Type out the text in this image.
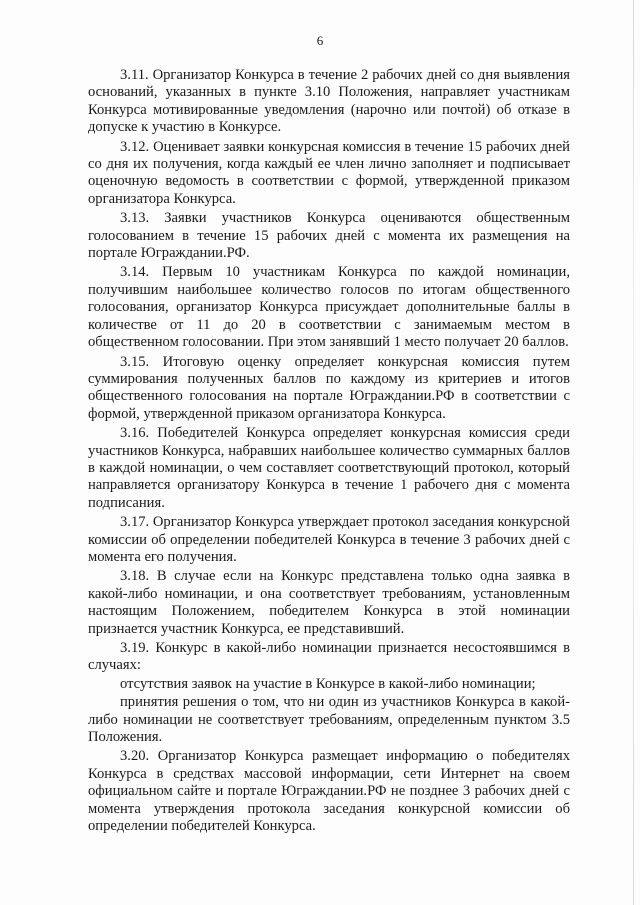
6

3.11. Организатор Конкурса в течение 2 рабочих дней со дня выявления оснований, указанных в пункте 3.10 Положения, направляет участникам Конкурса мотивированные уведомления (нарочно или почтой) об отказе в допуске к участию в Конкурсе.

3.12. Оценивает заявки конкурсная комиссия в течение 15 рабочих дней со дня их получения, когда каждый ее член лично заполняет и подписывает оценочную ведомость в соответствии с формой, утвержденной приказом организатора Конкурса.

3.13. Заявки участников Конкурса оцениваются общественным голосованием в течение 15 рабочих дней с момента их размещения на портале Юграждании.РФ.

3.14. Первым 10 участникам Конкурса по каждой номинации, получившим наибольшее количество голосов по итогам общественного голосования, организатор Конкурса присуждает дополнительные баллы в количестве от 11 до 20 в соответствии с занимаемым местом в общественном голосовании. При этом занявший 1 место получает 20 баллов.

3.15. Итоговую оценку определяет конкурсная комиссия путем суммирования полученных баллов по каждому из критериев и итогов общественного голосования на портале Юграждании.РФ в соответствии с формой, утвержденной приказом организатора Конкурса.

3.16. Победителей Конкурса определяет конкурсная комиссия среди участников Конкурса, набравших наибольшее количество суммарных баллов в каждой номинации, о чем составляет соответствующий протокол, который направляется организатору Конкурса в течение 1 рабочего дня с момента подписания.

3.17. Организатор Конкурса утверждает протокол заседания конкурсной комиссии об определении победителей Конкурса в течение 3 рабочих дней с момента его получения.

3.18. В случае если на Конкурс представлена только одна заявка в какой-либо номинации, и она соответствует требованиям, установленным настоящим Положением, победителем Конкурса в этой номинации признается участник Конкурса, ее представивший.

3.19. Конкурс в какой-либо номинации признается несостоявшимся в случаях:

отсутствия заявок на участие в Конкурсе в какой-либо номинации;

принятия решения о том, что ни один из участников Конкурса в какой-либо номинации не соответствует требованиям, определенным пунктом 3.5 Положения.

3.20. Организатор Конкурса размещает информацию о победителях Конкурса в средствах массовой информации, сети Интернет на своем официальном сайте и портале Юграждании.РФ не позднее 3 рабочих дней с момента утверждения протокола заседания конкурсной комиссии об определении победителей Конкурса.
